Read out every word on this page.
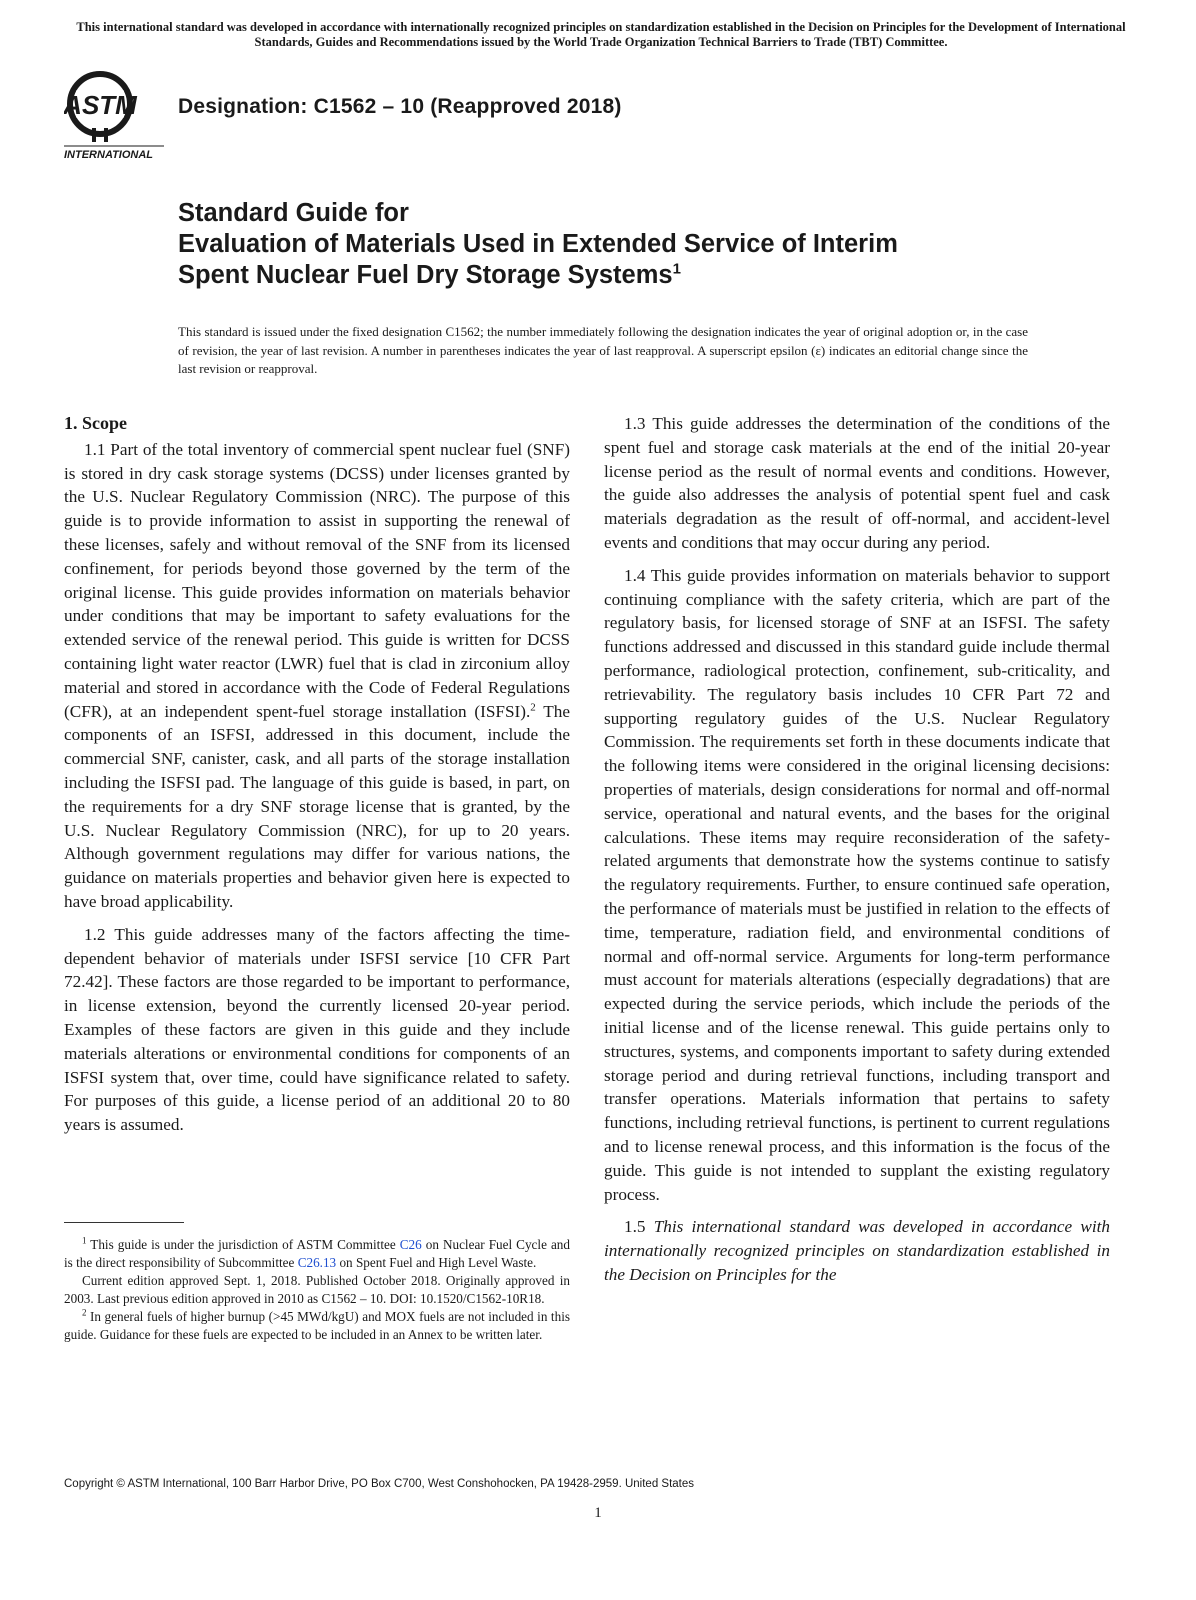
This international standard was developed in accordance with internationally recognized principles on standardization established in the Decision on Principles for the Development of International Standards, Guides and Recommendations issued by the World Trade Organization Technical Barriers to Trade (TBT) Committee.
ASTM
INTERNATIONAL
Designation: C1562 – 10 (Reapproved 2018)
Standard Guide for
Evaluation of Materials Used in Extended Service of Interim
Spent Nuclear Fuel Dry Storage Systems$^1$
This standard is issued under the fixed designation C1562; the number immediately following the designation indicates the year of original adoption or, in the case of revision, the year of last revision. A number in parentheses indicates the year of last reapproval. A superscript epsilon (ε) indicates an editorial change since the last revision or reapproval.

1. Scope

1.1 Part of the total inventory of commercial spent nuclear fuel (SNF) is stored in dry cask storage systems (DCSS) under licenses granted by the U.S. Nuclear Regulatory Commission (NRC). The purpose of this guide is to provide information to assist in supporting the renewal of these licenses, safely and without removal of the SNF from its licensed confinement, for periods beyond those governed by the term of the original license. This guide provides information on materials behavior under conditions that may be important to safety evaluations for the extended service of the renewal period. This guide is written for DCSS containing light water reactor (LWR) fuel that is clad in zirconium alloy material and stored in accordance with the Code of Federal Regulations (CFR), at an independent spent-fuel storage installation (ISFSI).$^2$ The components of an ISFSI, addressed in this document, include the commercial SNF, canister, cask, and all parts of the storage installation including the ISFSI pad. The language of this guide is based, in part, on the requirements for a dry SNF storage license that is granted, by the U.S. Nuclear Regulatory Commission (NRC), for up to 20 years. Although government regulations may differ for various nations, the guidance on materials properties and behavior given here is expected to have broad applicability.

1.2 This guide addresses many of the factors affecting the time-dependent behavior of materials under ISFSI service [10 CFR Part 72.42]. These factors are those regarded to be important to performance, in license extension, beyond the currently licensed 20-year period. Examples of these factors are given in this guide and they include materials alterations or environmental conditions for components of an ISFSI system that, over time, could have significance related to safety. For purposes of this guide, a license period of an additional 20 to 80 years is assumed.

$^1$ This guide is under the jurisdiction of ASTM Committee C26 on Nuclear Fuel Cycle and is the direct responsibility of Subcommittee C26.13 on Spent Fuel and High Level Waste.

Current edition approved Sept. 1, 2018. Published October 2018. Originally approved in 2003. Last previous edition approved in 2010 as C1562 – 10. DOI: 10.1520/C1562-10R18.

$^2$ In general fuels of higher burnup (>45 MWd/kgU) and MOX fuels are not included in this guide. Guidance for these fuels are expected to be included in an Annex to be written later.

1.3 This guide addresses the determination of the conditions of the spent fuel and storage cask materials at the end of the initial 20-year license period as the result of normal events and conditions. However, the guide also addresses the analysis of potential spent fuel and cask materials degradation as the result of off-normal, and accident-level events and conditions that may occur during any period.

1.4 This guide provides information on materials behavior to support continuing compliance with the safety criteria, which are part of the regulatory basis, for licensed storage of SNF at an ISFSI. The safety functions addressed and discussed in this standard guide include thermal performance, radiological protection, confinement, sub-criticality, and retrievability. The regulatory basis includes 10 CFR Part 72 and supporting regulatory guides of the U.S. Nuclear Regulatory Commission. The requirements set forth in these documents indicate that the following items were considered in the original licensing decisions: properties of materials, design considerations for normal and off-normal service, operational and natural events, and the bases for the original calculations. These items may require reconsideration of the safety-related arguments that demonstrate how the systems continue to satisfy the regulatory requirements. Further, to ensure continued safe operation, the performance of materials must be justified in relation to the effects of time, temperature, radiation field, and environmental conditions of normal and off-normal service. Arguments for long-term performance must account for materials alterations (especially degradations) that are expected during the service periods, which include the periods of the initial license and of the license renewal. This guide pertains only to structures, systems, and components important to safety during extended storage period and during retrieval functions, including transport and transfer operations. Materials information that pertains to safety functions, including retrieval functions, is pertinent to current regulations and to license renewal process, and this information is the focus of the guide. This guide is not intended to supplant the existing regulatory process.

1.5 This international standard was developed in accordance with internationally recognized principles on standardization established in the Decision on Principles for the

Copyright © ASTM International, 100 Barr Harbor Drive, PO Box C700, West Conshohocken, PA 19428-2959. United States
1
